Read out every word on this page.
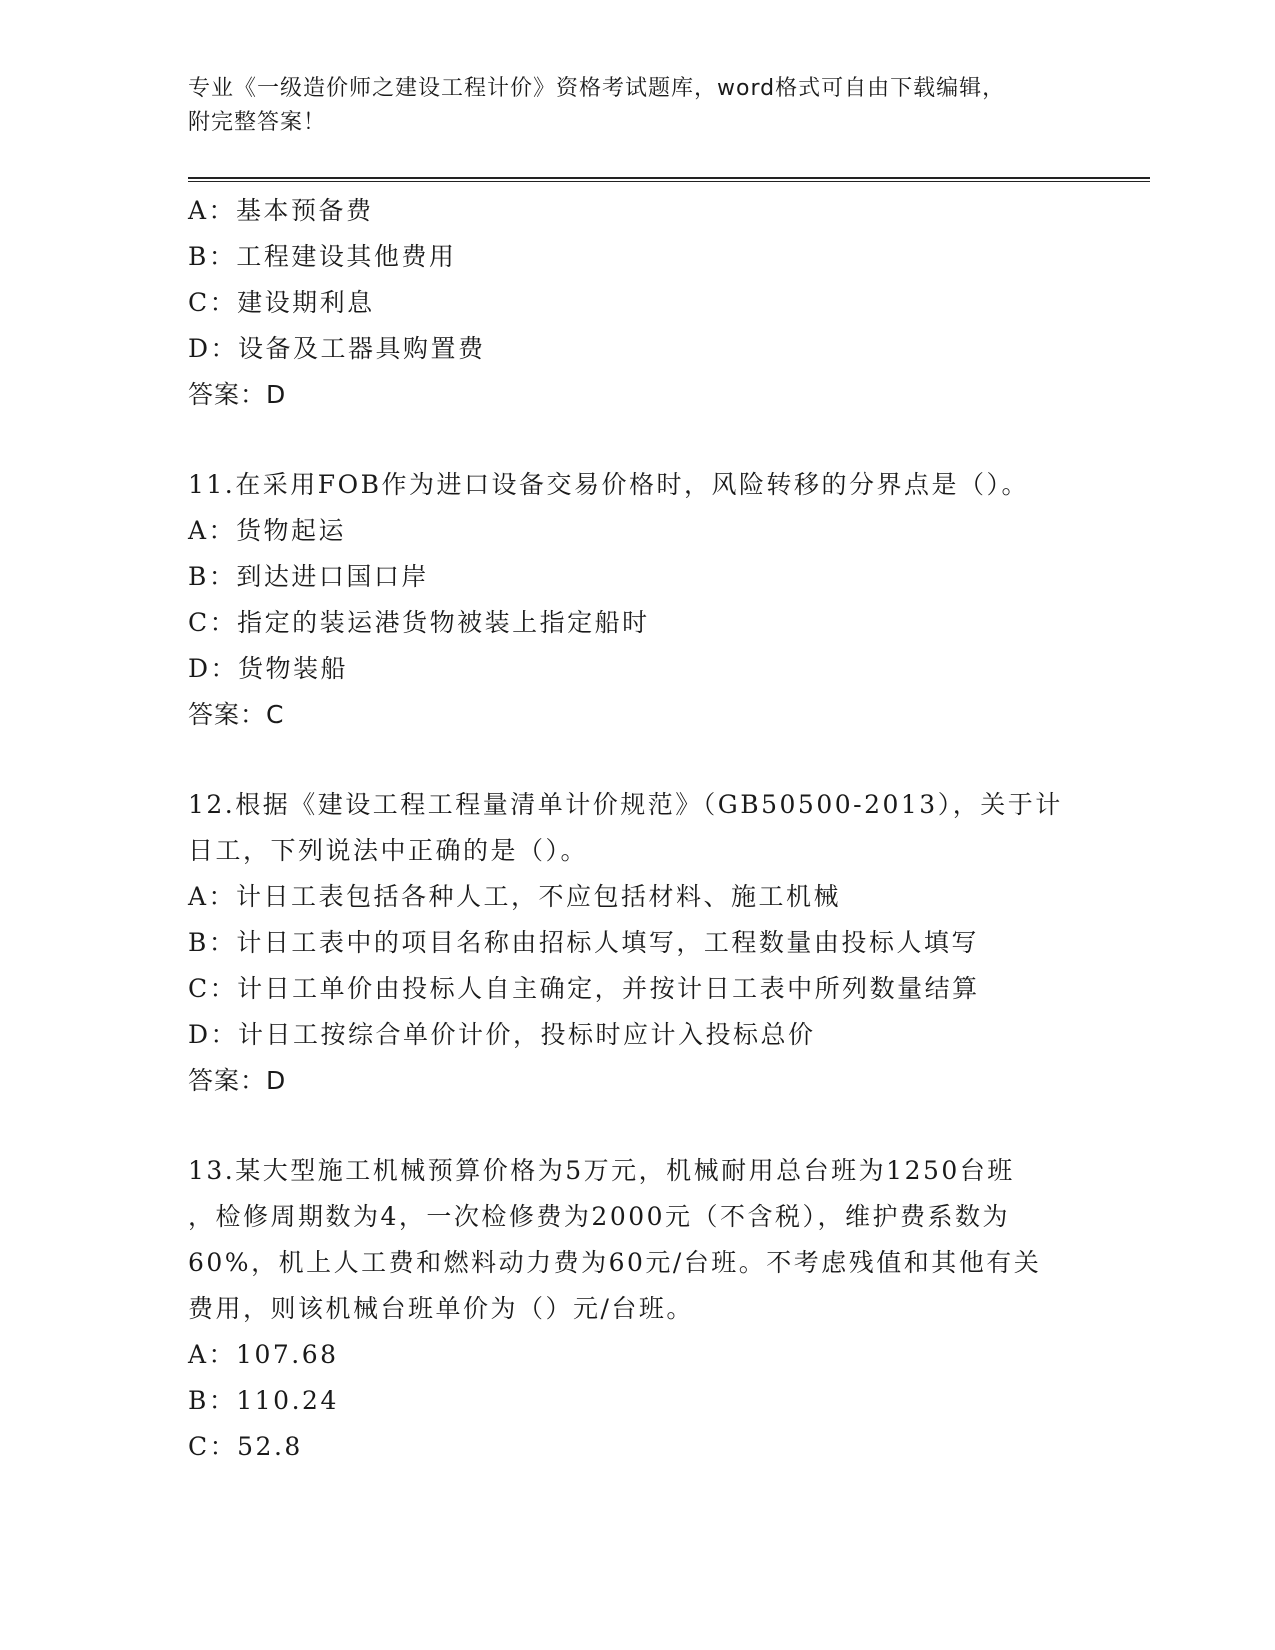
专业《一级造价师之建设工程计价》资格考试题库，word格式可自由下载编辑，
附完整答案！
A：基本预备费
B：工程建设其他费用
C：建设期利息
D：设备及工器具购置费
答案：D
11.在采用FOB作为进口设备交易价格时，风险转移的分界点是（）。
A：货物起运
B：到达进口国口岸
C：指定的装运港货物被装上指定船时
D：货物装船
答案：C
12.根据《建设工程工程量清单计价规范》（GB50500-2013），关于计
日工，下列说法中正确的是（）。
A：计日工表包括各种人工，不应包括材料、施工机械
B：计日工表中的项目名称由招标人填写，工程数量由投标人填写
C：计日工单价由投标人自主确定，并按计日工表中所列数量结算
D：计日工按综合单价计价，投标时应计入投标总价
答案：D
13.某大型施工机械预算价格为5万元，机械耐用总台班为1250台班
，检修周期数为4，一次检修费为2000元（不含税），维护费系数为
60%，机上人工费和燃料动力费为60元/台班。不考虑残值和其他有关
费用，则该机械台班单价为（）元/台班。
A：107.68
B：110.24
C：52.8
